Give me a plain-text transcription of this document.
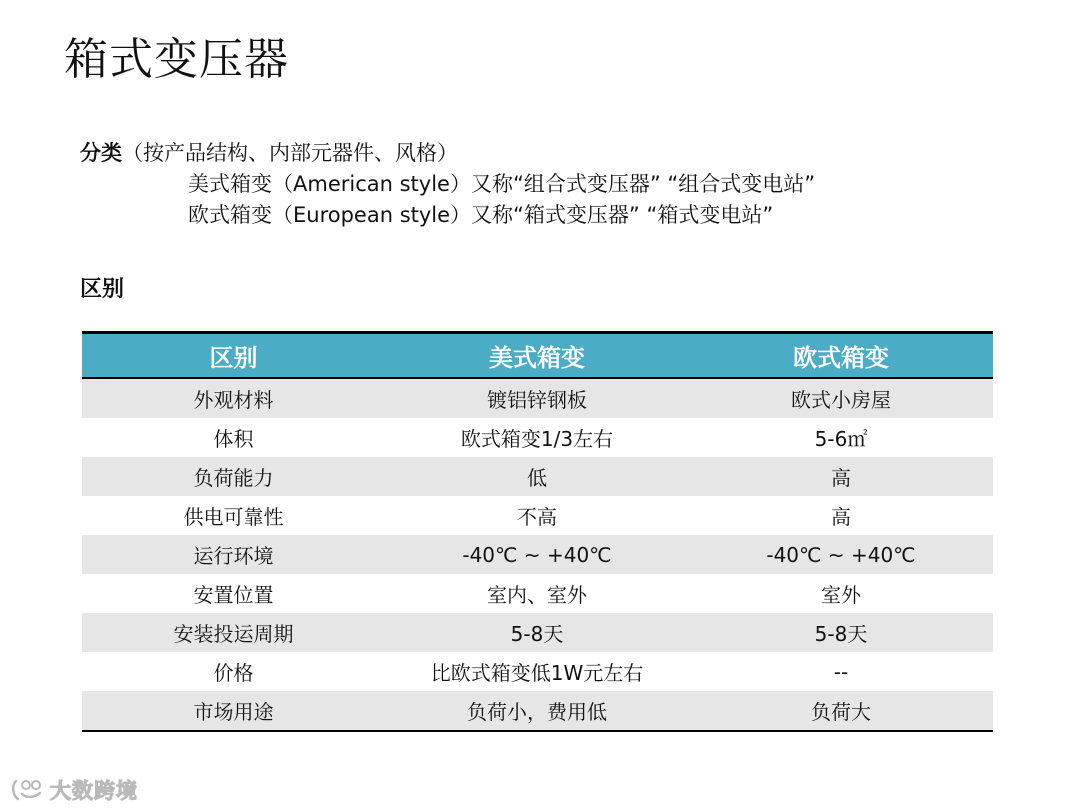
箱式变压器
分类（按产品结构、内部元器件、风格）
美式箱变（American style）又称“组合式变压器” “组合式变电站”
欧式箱变（European style）又称“箱式变压器” “箱式变电站”
区别
区别	美式箱变	欧式箱变
外观材料	镀铝锌钢板	欧式小房屋
体积	欧式箱变1/3左右	5-6㎡
负荷能力	低	高
供电可靠性	不高	高
运行环境	-40℃ ~ +40℃	-40℃ ~ +40℃
安置位置	室内、室外	室外
安装投运周期	5-8天	5-8天
价格	比欧式箱变低1W元左右	--
市场用途	负荷小，费用低	负荷大
大数跨境
